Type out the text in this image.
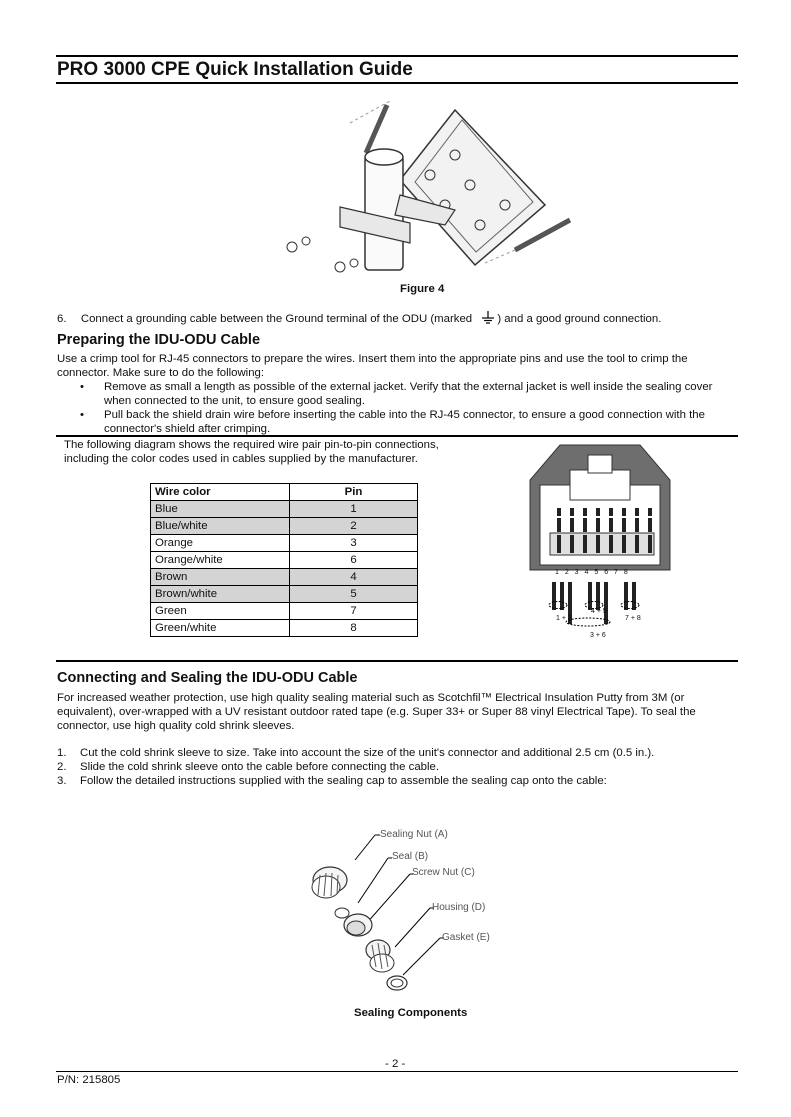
PRO 3000 CPE Quick Installation Guide
Figure 4
6. Connect a grounding cable between the Ground terminal of the ODU (marked ) and a good ground connection.
Preparing the IDU-ODU Cable
Use a crimp tool for RJ-45 connectors to prepare the wires. Insert them into the appropriate pins and use the tool to crimp the connector. Make sure to do the following:
• Remove as small a length as possible of the external jacket. Verify that the external jacket is well inside the sealing cover when connected to the unit, to ensure good sealing.
• Pull back the shield drain wire before inserting the cable into the RJ-45 connector, to ensure a good connection with the connector's shield after crimping.
The following diagram shows the required wire pair pin-to-pin connections, including the color codes used in cables supplied by the manufacturer.
Wire color	Pin
Blue	1
Blue/white	2
Orange	3
Orange/white	6
Brown	4
Brown/white	5
Green	7
Green/white	8
1 2 3 4 5 6 7 8
1 + 2
4 + 5
7 + 8
3 + 6
Connecting and Sealing the IDU-ODU Cable
For increased weather protection, use high quality sealing material such as Scotchfil™ Electrical Insulation Putty from 3M (or equivalent), over-wrapped with a UV resistant outdoor rated tape (e.g. Super 33+ or Super 88 vinyl Electrical Tape). To seal the connector, use high quality cold shrink sleeves.
1.	Cut the cold shrink sleeve to size. Take into account the size of the unit's connector and additional 2.5 cm (0.5 in.).
2.	Slide the cold shrink sleeve onto the cable before connecting the cable.
3.	Follow the detailed instructions supplied with the sealing cap to assemble the sealing cap onto the cable:
Sealing Nut (A)
Seal (B)
Screw Nut (C)
Housing (D)
Gasket (E)
Sealing Components
- 2 -
P/N: 215805
